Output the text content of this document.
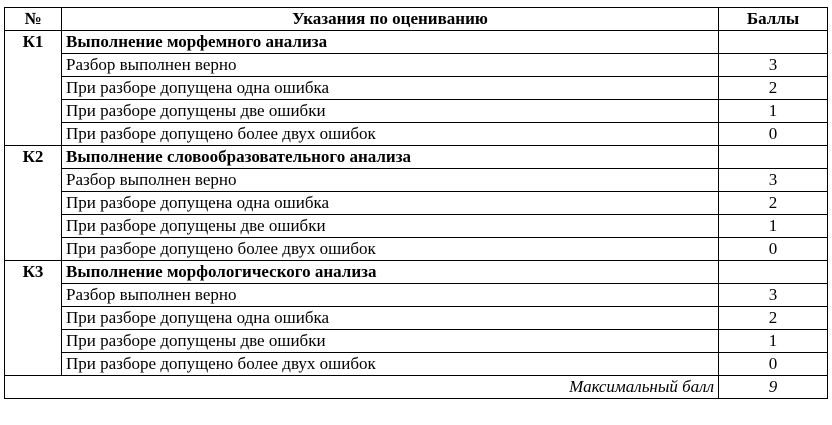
№	Указания по оцениванию	Баллы
К1	Выполнение морфемного анализа	
	Разбор выполнен верно	3
	При разборе допущена одна ошибка	2
	При разборе допущены две ошибки	1
	При разборе допущено более двух ошибок	0
К2	Выполнение словообразовательного анализа	
	Разбор выполнен верно	3
	При разборе допущена одна ошибка	2
	При разборе допущены две ошибки	1
	При разборе допущено более двух ошибок	0
К3	Выполнение морфологического анализа	
	Разбор выполнен верно	3
	При разборе допущена одна ошибка	2
	При разборе допущены две ошибки	1
	При разборе допущено более двух ошибок	0
Максимальный балл		9
